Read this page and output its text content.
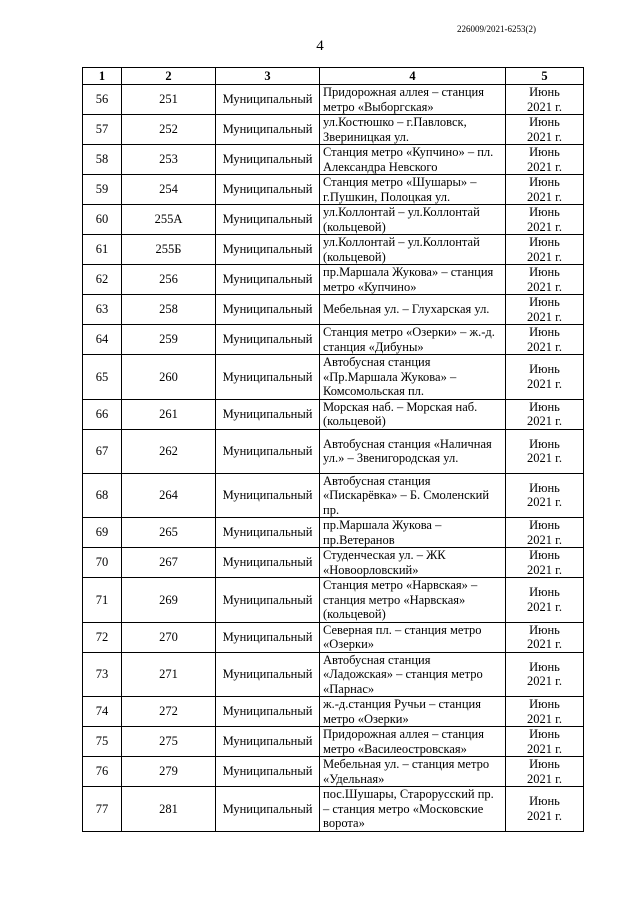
226009/2021-6253(2)
4
1	2	3	4	5
56	251	Муниципальный	Придорожная аллея – станция метро «Выборгская»	Июнь
2021 г.
57	252	Муниципальный	ул.Костюшко – г.Павловск, Звериницкая ул.	Июнь
2021 г.
58	253	Муниципальный	Станция метро «Купчино» – пл. Александра Невского	Июнь
2021 г.
59	254	Муниципальный	Станция метро «Шушары» – г.Пушкин, Полоцкая ул.	Июнь
2021 г.
60	255А	Муниципальный	ул.Коллонтай – ул.Коллонтай (кольцевой)	Июнь
2021 г.
61	255Б	Муниципальный	ул.Коллонтай – ул.Коллонтай (кольцевой)	Июнь
2021 г.
62	256	Муниципальный	пр.Маршала Жукова» – станция метро «Купчино»	Июнь
2021 г.
63	258	Муниципальный	Мебельная ул. – Глухарская ул.	Июнь
2021 г.
64	259	Муниципальный	Станция метро «Озерки» – ж.-д. станция «Дибуны»	Июнь
2021 г.
65	260	Муниципальный	Автобусная станция «Пр.Маршала Жукова» – Комсомольская пл.	Июнь
2021 г.
66	261	Муниципальный	Морская наб. – Морская наб. (кольцевой)	Июнь
2021 г.
67	262	Муниципальный	Автобусная станция «Наличная ул.» – Звенигородская ул.	Июнь
2021 г.
68	264	Муниципальный	Автобусная станция «Пискарёвка» – Б. Смоленский пр.	Июнь
2021 г.
69	265	Муниципальный	пр.Маршала Жукова – пр.Ветеранов	Июнь
2021 г.
70	267	Муниципальный	Студенческая ул. – ЖК «Новоорловский»	Июнь
2021 г.
71	269	Муниципальный	Станция метро «Нарвская» – станция метро «Нарвская» (кольцевой)	Июнь
2021 г.
72	270	Муниципальный	Северная пл. – станция метро «Озерки»	Июнь
2021 г.
73	271	Муниципальный	Автобусная станция «Ладожская» – станция метро «Парнас»	Июнь
2021 г.
74	272	Муниципальный	ж.-д.станция Ручьи – станция метро «Озерки»	Июнь
2021 г.
75	275	Муниципальный	Придорожная аллея – станция метро «Василеостровская»	Июнь
2021 г.
76	279	Муниципальный	Мебельная ул. – станция метро «Удельная»	Июнь
2021 г.
77	281	Муниципальный	пос.Шушары, Старорусский пр. – станция метро «Московские ворота»	Июнь
2021 г.
